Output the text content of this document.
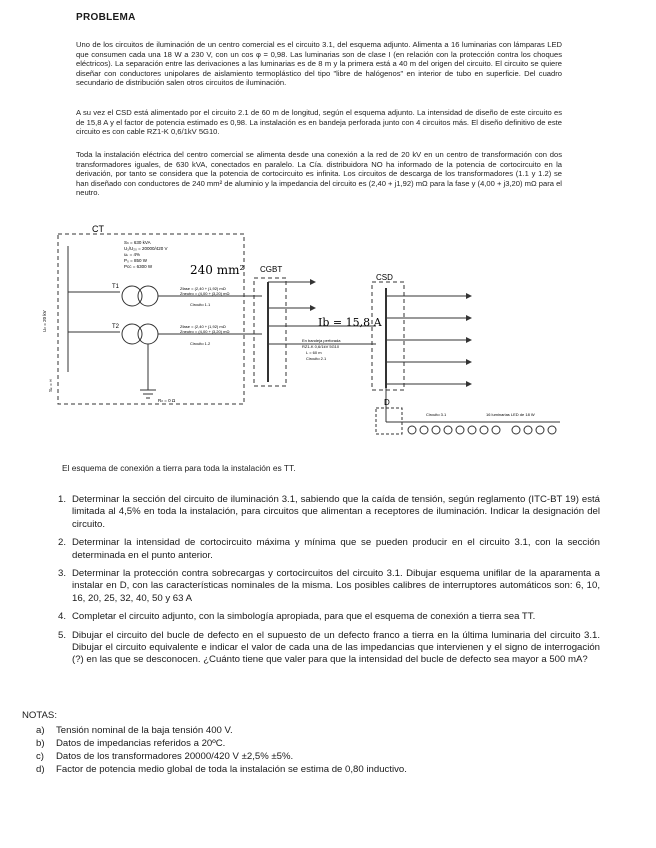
PROBLEMA
Uno de los circuitos de iluminación de un centro comercial es el circuito 3.1, del esquema adjunto. Alimenta a 16 luminarias con lámparas LED que consumen cada una 18 W a 230 V, con un cos φ = 0,98. Las luminarias son de clase I (en relación con la protección contra los choques eléctricos). La separación entre las derivaciones a las luminarias es de 8 m y la primera está a 40 m del origen del circuito. El circuito se quiere diseñar con conductores unipolares de aislamiento termoplástico del tipo "libre de halógenos" en interior de tubo en superficie. Del cuadro secundario de distribución salen otros circuitos de iluminación.
A su vez el CSD está alimentado por el circuito 2.1 de 60 m de longitud, según el esquema adjunto. La intensidad de diseño de este circuito es de 15,8 A y el factor de potencia estimado es 0,98. La instalación es en bandeja perforada junto con 4 circuitos más. El diseño definitivo de este circuito es con cable RZ1-K 0,6/1kV 5G10.
Toda la instalación eléctrica del centro comercial se alimenta desde una conexión a la red de 20 kV en un centro de transformación con dos transformadores iguales, de 630 kVA, conectados en paralelo. La Cía. distribuidora NO ha informado de la potencia de cortocircuito en la derivación, por tanto se considera que la potencia de cortocircuito es infinita. Los circuitos de descarga de los transformadores (1.1 y 1.2) se han diseñado con conductores de 240 mm² de aluminio y la impedancia del circuito es (2,40 + j1,92) mΩ para la fase y (4,00 + j3,20) mΩ para el neutro.
CT
CGBT
CSD
D
T1
T2
Sₙ = 630 kVA
U₁/U₂₀ = 20000/420 V
uₖ = 4%
P₀ = 850 W
Pcc = 6300 W
Zfase = (2,40 + j1,92) mΩ
Zneutro = (4,00 + j3,20) mΩ
Circuito 1.1
Zfase = (2,40 + j1,92) mΩ
Zneutro = (4,00 + j3,20) mΩ
Circuito 1.2
En bandeja perforada
RZ1-K 0,6/1kV 5G10
L = 60 m
Circuito 2.1
Circuito 3.1	16 luminarias LED de 18 W
Uₙ = 20 kV
Sₖ = ∞
Rₙ = 0 Ω
240 mm²
Ib = 15,8 A
El esquema de conexión a tierra para toda la instalación es TT.
1. Determinar la sección del circuito de iluminación 3.1, sabiendo que la caída de tensión, según reglamento (ITC-BT 19) está limitada al 4,5% en toda la instalación, para circuitos que alimentan a receptores de iluminación. Indicar la designación del circuito.
2. Determinar la intensidad de cortocircuito máxima y mínima que se pueden producir en el circuito 3.1, con la sección determinada en el punto anterior.
3. Determinar la protección contra sobrecargas y cortocircuitos del circuito 3.1. Dibujar esquema unifilar de la aparamenta a instalar en D, con las características nominales de la misma. Los posibles calibres de interruptores automáticos son: 6, 10, 16, 20, 25, 32, 40, 50 y 63 A
4. Completar el circuito adjunto, con la simbología apropiada, para que el esquema de conexión a tierra sea TT.
5. Dibujar el circuito del bucle de defecto en el supuesto de un defecto franco a tierra en la última luminaria del circuito 3.1. Dibujar el circuito equivalente e indicar el valor de cada una de las impedancias que intervienen y el signo de interrogación (?) en las que se desconocen. ¿Cuánto tiene que valer para que la intensidad del bucle de defecto sea mayor a 500 mA?
NOTAS:
a)	Tensión nominal de la baja tensión 400 V.
b)	Datos de impedancias referidos a 20ºC.
c)	Datos de los transformadores 20000/420 V ±2,5% ±5%.
d)	Factor de potencia medio global de toda la instalación se estima de 0,80 inductivo.
